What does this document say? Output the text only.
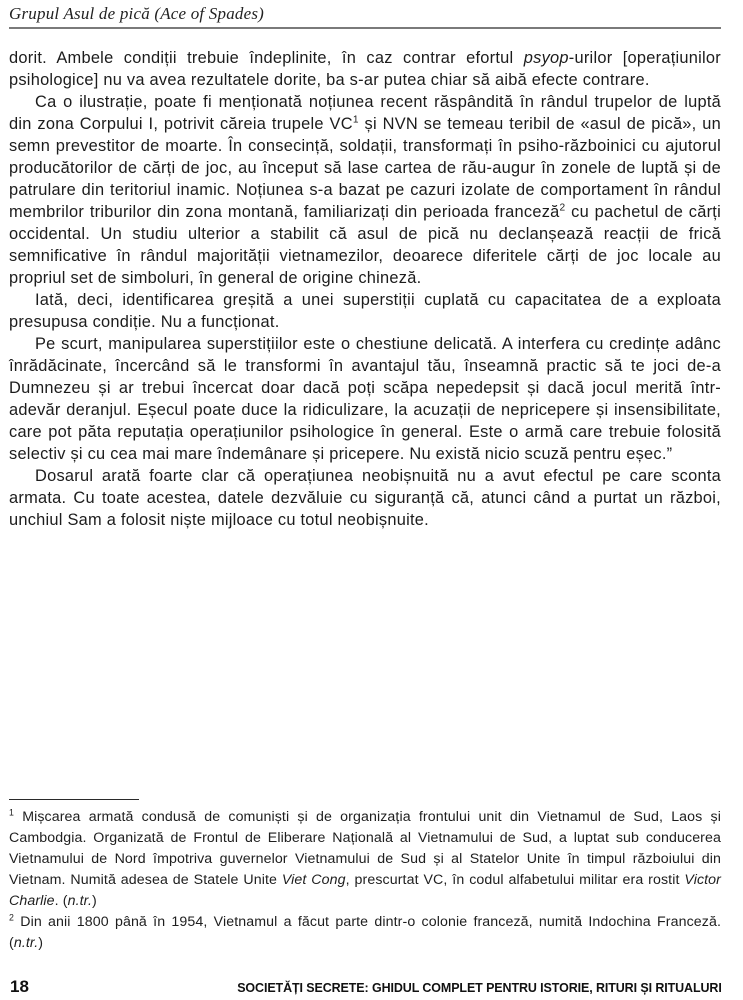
Grupul Asul de pică (Ace of Spades)

dorit. Ambele condiții trebuie îndeplinite, în caz contrar efortul psyop-urilor [operațiunilor psihologice] nu va avea rezultatele dorite, ba s-ar putea chiar să aibă efecte contrare.

Ca o ilustrație, poate fi menționată noțiunea recent răspândită în rândul trupelor de luptă din zona Corpului I, potrivit căreia trupele $VC^1$ și NVN se temeau teribil de «asul de pică», un semn prevestitor de moarte. În consecință, soldații, transformați în psiho-războinici cu ajutorul producătorilor de cărți de joc, au început să lase cartea de rău-augur în zonele de luptă și de patrulare din teritoriul inamic. Noțiunea s-a bazat pe cazuri izolate de comportament în rândul membrilor triburilor din zona montană, familiarizați din perioada franceză$^2$ cu pachetul de cărți occidental. Un studiu ulterior a stabilit că asul de pică nu declanșează reacții de frică semnificative în rândul majorității vietnamezilor, deoarece diferitele cărți de joc locale au propriul set de simboluri, în general de origine chineză.

Iată, deci, identificarea greșită a unei superstiții cuplată cu capacitatea de a exploata presupusa condiție. Nu a funcționat.

Pe scurt, manipularea superstițiilor este o chestiune delicată. A interfera cu credințe adânc înrădăcinate, încercând să le transformi în avantajul tău, înseamnă practic să te joci de-a Dumnezeu și ar trebui încercat doar dacă poți scăpa nepedepsit și dacă jocul merită într-adevăr deranjul. Eșecul poate duce la ridiculizare, la acuzații de nepricepere și insensibilitate, care pot păta reputația operațiunilor psihologice în general. Este o armă care trebuie folosită selectiv și cu cea mai mare îndemânare și pricepere. Nu există nicio scuză pentru eșec.”

Dosarul arată foarte clar că operațiunea neobișnuită nu a avut efectul pe care sconta armata. Cu toate acestea, datele dezvăluie cu siguranță că, atunci când a purtat un război, unchiul Sam a folosit niște mijloace cu totul neobișnuite.

$^1$ Mișcarea armată condusă de comuniști și de organizația frontului unit din Vietnamul de Sud, Laos și Cambodgia. Organizată de Frontul de Eliberare Națională al Vietnamului de Sud, a luptat sub conducerea Vietnamului de Nord împotriva guvernelor Vietnamului de Sud și al Statelor Unite în timpul războiului din Vietnam. Numită adesea de Statele Unite Viet Cong, prescurtat VC, în codul alfabetului militar era rostit Victor Charlie. (n.tr.)

$^2$ Din anii 1800 până în 1954, Vietnamul a făcut parte dintr-o colonie franceză, numită Indochina Franceză. (n.tr.)

18	SOCIETĂȚI SECRETE: GHIDUL COMPLET PENTRU ISTORIE, RITURI ȘI RITUALURI
